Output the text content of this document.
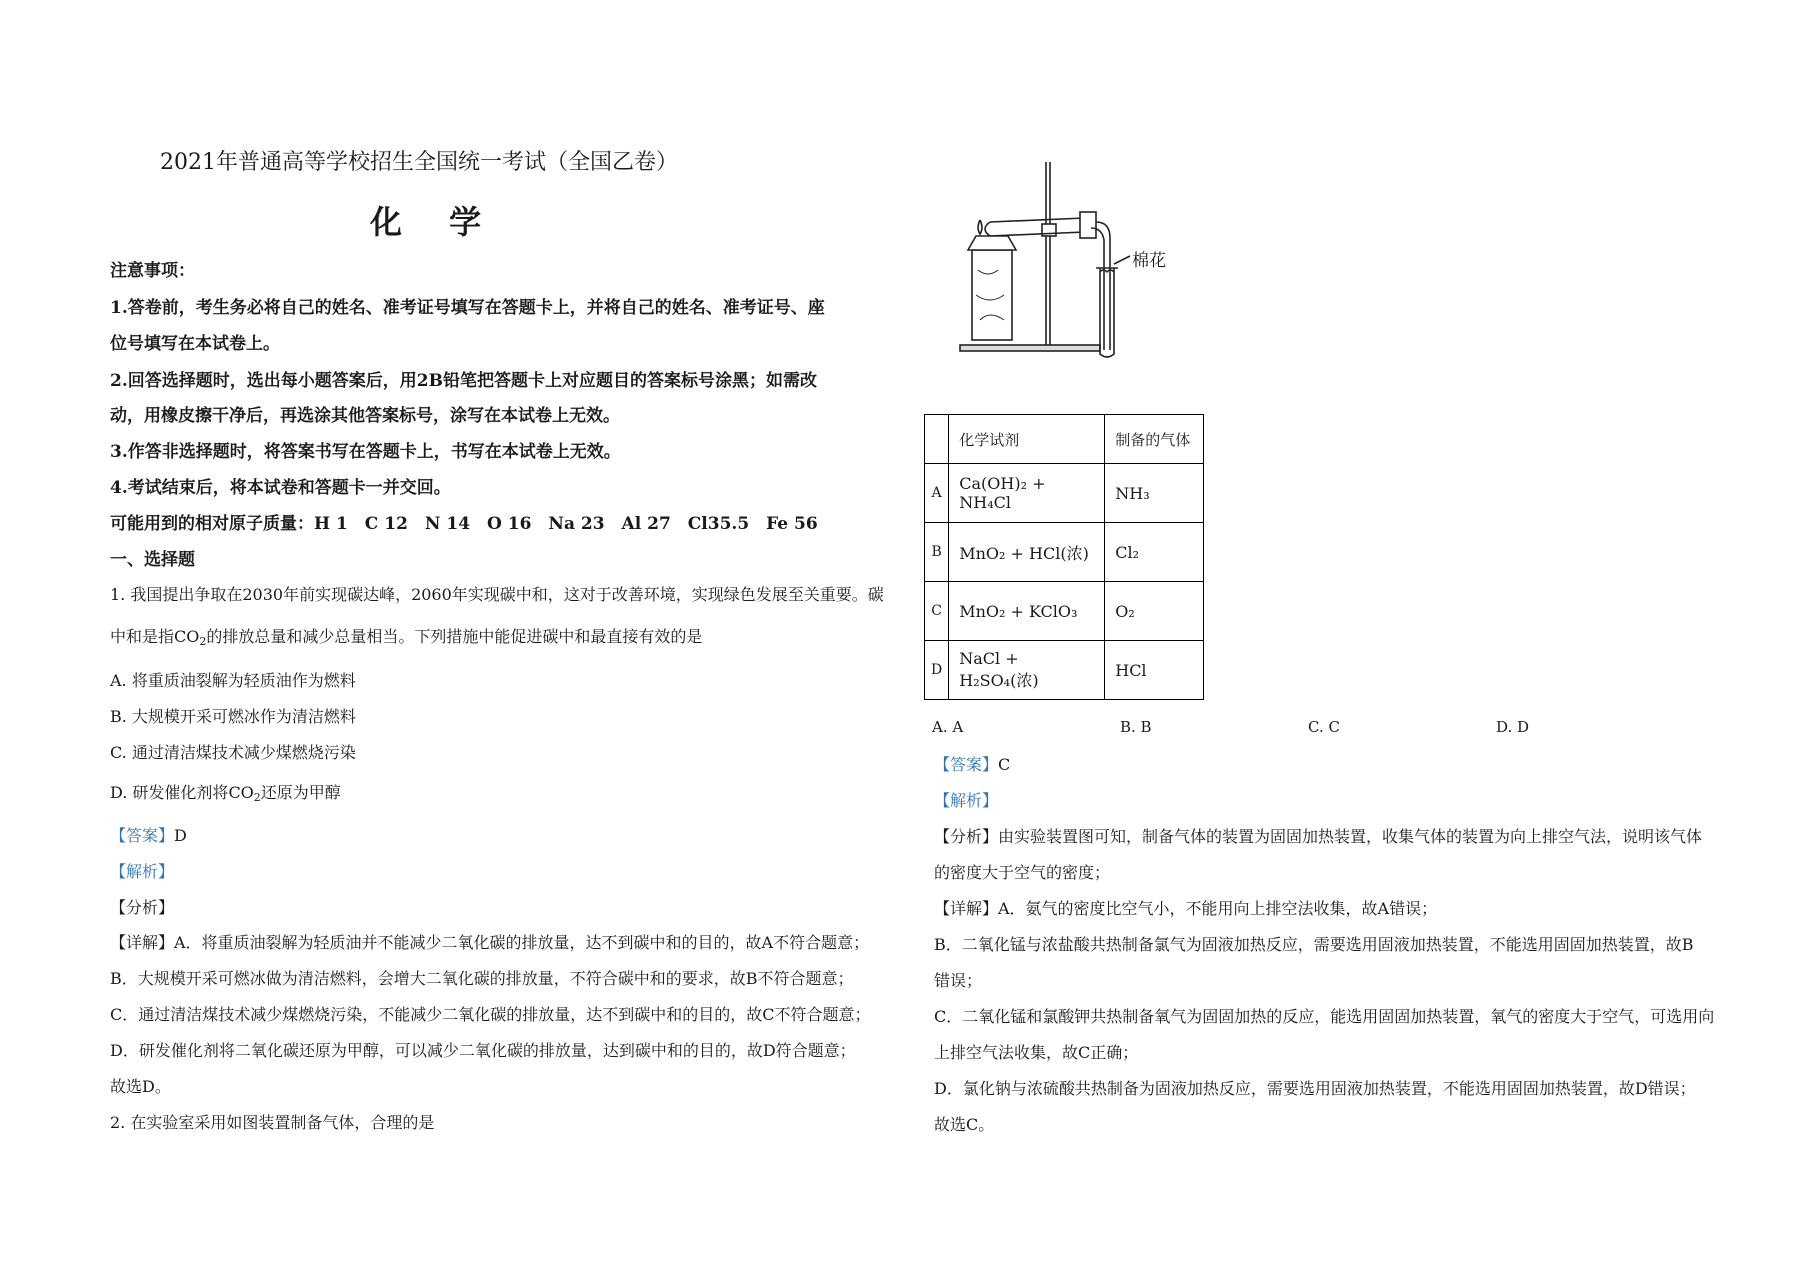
2021年普通高等学校招生全国统一考试（全国乙卷）
化 学
注意事项：
1.答卷前，考生务必将自己的姓名、准考证号填写在答题卡上，并将自己的姓名、准考证号、座
位号填写在本试卷上。
2.回答选择题时，选出每小题答案后，用2B铅笔把答题卡上对应题目的答案标号涂黑；如需改
动，用橡皮擦干净后，再选涂其他答案标号，涂写在本试卷上无效。
3.作答非选择题时，将答案书写在答题卡上，书写在本试卷上无效。
4.考试结束后，将本试卷和答题卡一并交回。
可能用到的相对原子质量：H 1　C 12　N 14　O 16　Na 23　Al 27　Cl35.5　Fe 56
一、选择题
1. 我国提出争取在2030年前实现碳达峰，2060年实现碳中和，这对于改善环境，实现绿色发展至关重要。碳
中和是指$CO_2$的排放总量和减少总量相当。下列措施中能促进碳中和最直接有效的是
A. 将重质油裂解为轻质油作为燃料
B. 大规模开采可燃冰作为清洁燃料
C. 通过清洁煤技术减少煤燃烧污染
D. 研发催化剂将$CO_2$还原为甲醇
【答案】D
【解析】
【分析】
【详解】A．将重质油裂解为轻质油并不能减少二氧化碳的排放量，达不到碳中和的目的，故A不符合题意；
B．大规模开采可燃冰做为清洁燃料，会增大二氧化碳的排放量，不符合碳中和的要求，故B不符合题意；
C．通过清洁煤技术减少煤燃烧污染，不能减少二氧化碳的排放量，达不到碳中和的目的，故C不符合题意；
D．研发催化剂将二氧化碳还原为甲醇，可以减少二氧化碳的排放量，达到碳中和的目的，故D符合题意；
故选D。
2. 在实验室采用如图装置制备气体，合理的是
棉花
	化学试剂	制备的气体
A	Ca(OH)₂ + NH₄Cl	NH₃
B	MnO₂ + HCl(浓)	Cl₂
C	MnO₂ + KClO₃	O₂
D	NaCl + H₂SO₄(浓)	HCl
A. A	B. B	C. C	D. D
【答案】C
【解析】
【分析】由实验装置图可知，制备气体的装置为固固加热装置，收集气体的装置为向上排空气法，说明该气体
的密度大于空气的密度；
【详解】A．氨气的密度比空气小，不能用向上排空法收集，故A错误；
B．二氧化锰与浓盐酸共热制备氯气为固液加热反应，需要选用固液加热装置，不能选用固固加热装置，故B
错误；
C．二氧化锰和氯酸钾共热制备氧气为固固加热的反应，能选用固固加热装置，氧气的密度大于空气，可选用向
上排空气法收集，故C正确；
D．氯化钠与浓硫酸共热制备为固液加热反应，需要选用固液加热装置，不能选用固固加热装置，故D错误；
故选C。
